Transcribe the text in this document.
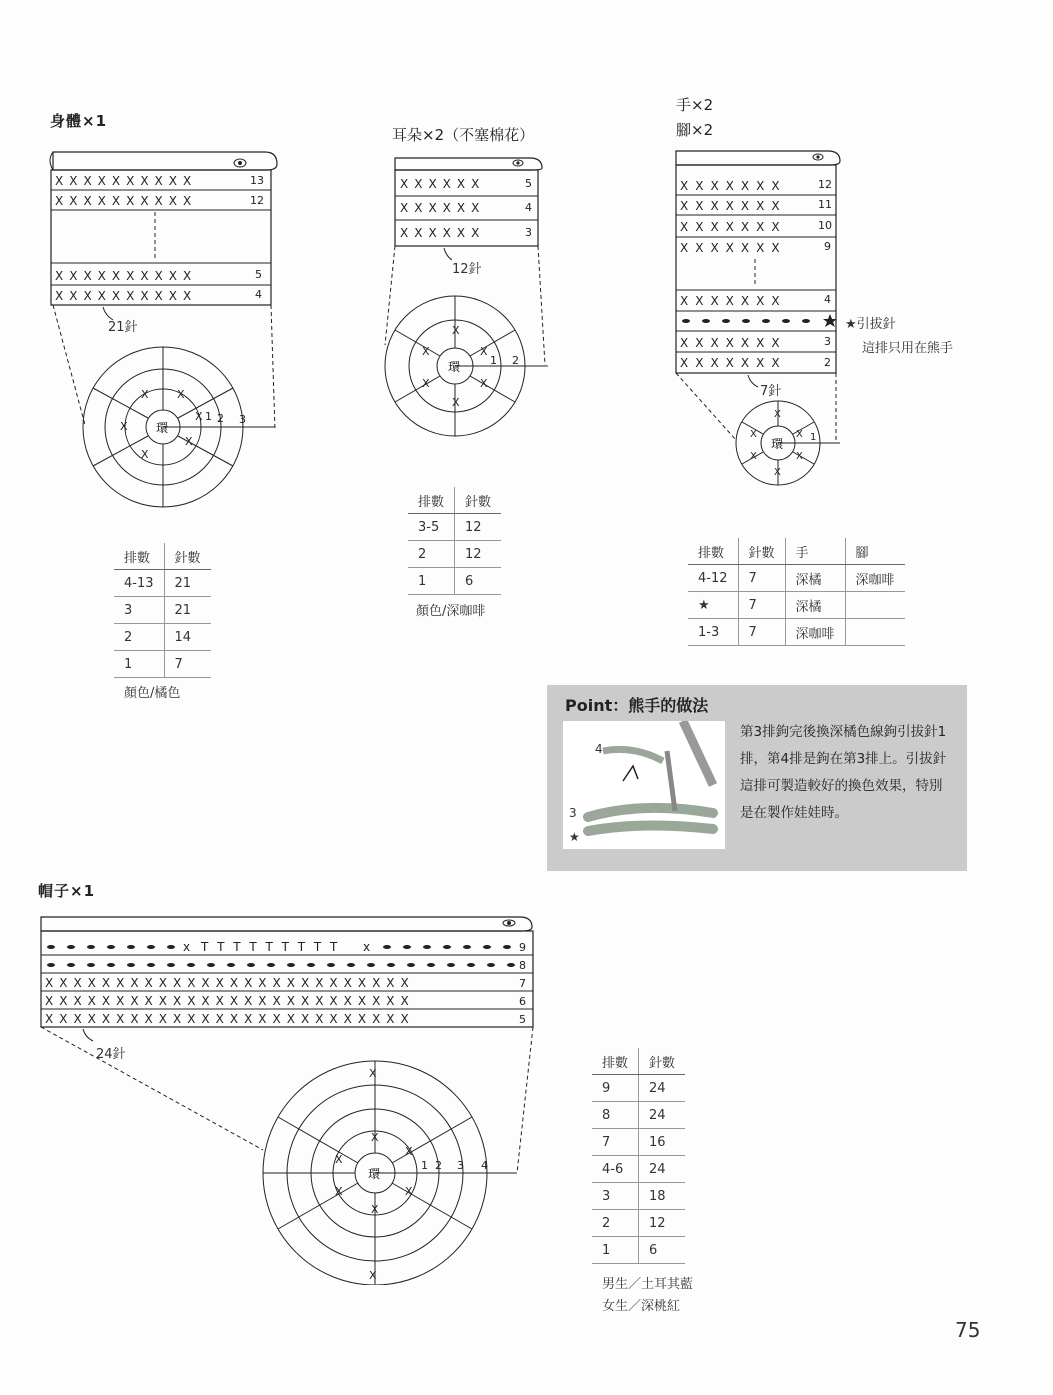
身體×1
XXXXXXXXXX	13
XXXXXXXXXX	12
XXXXXXXXXX	5
XXXXXXXXXX	4
環
1 2 3
X	X
X
X
X
X
21針
排數	針數
4-13	21
3	21
2	14
1	7
顏色/橘色
耳朵×2（不塞棉花）
XXXXXX	5
XXXXXX	4
XXXXXX	3
環	1 2
X
X
X	X
X	X
12針
排數	針數
3-5	12
2	12
1	6
顏色/深咖啡
手×2
腳×2
XXXXXXX	12
XXXXXXX	11
XXXXXXX	10
XXXXXXX	9
XXXXXXX	4
XXXXXXX	3
XXXXXXX	2
環	1
X
X
X	X
X	X
★引拔針
這排只用在熊手
7針
排數	針數	手	腳
4-12	7	深橘	深咖啡
★	7	深橘	
1-3	7	深咖啡	
Point：熊手的做法
4
3
★
第3排鉤完後換深橘色線鉤引拔針1排，第4排是鉤在第3排上。引拔針這排可製造較好的換色效果，特別是在製作娃娃時。
帽子×1
x TTTTTTTTT x	9
8
XXXXXXXXXXXXXXXXXXXXXXXXXX	7
XXXXXXXXXXXXXXXXXXXXXXXXXX	6
XXXXXXXXXXXXXXXXXXXXXXXXXX	5
環
1 2 3 4
X
X
X
X
X
X
X
X
24針
排數	針數
9	24
8	24
7	16
4-6	24
3	18
2	12
1	6
男生／土耳其藍
女生／深桃紅
75
